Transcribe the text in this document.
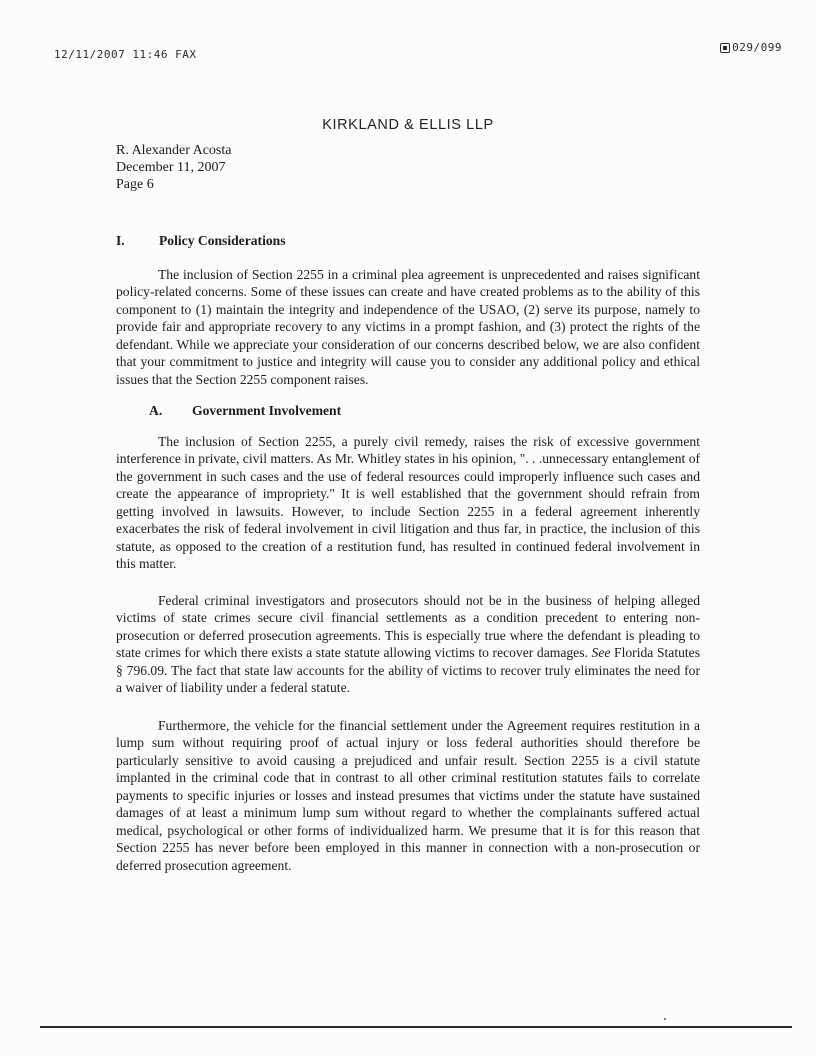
12/11/2007 11:46 FAX
029/099
KIRKLAND & ELLIS LLP
R. Alexander Acosta
December 11, 2007
Page 6
I.	Policy Considerations

The inclusion of Section 2255 in a criminal plea agreement is unprecedented and raises significant policy-related concerns. Some of these issues can create and have created problems as to the ability of this component to (1) maintain the integrity and independence of the USAO, (2) serve its purpose, namely to provide fair and appropriate recovery to any victims in a prompt fashion, and (3) protect the rights of the defendant. While we appreciate your consideration of our concerns described below, we are also confident that your commitment to justice and integrity will cause you to consider any additional policy and ethical issues that the Section 2255 component raises.

A.	Government Involvement

The inclusion of Section 2255, a purely civil remedy, raises the risk of excessive government interference in private, civil matters. As Mr. Whitley states in his opinion, ". . .unnecessary entanglement of the government in such cases and the use of federal resources could improperly influence such cases and create the appearance of impropriety." It is well established that the government should refrain from getting involved in lawsuits. However, to include Section 2255 in a federal agreement inherently exacerbates the risk of federal involvement in civil litigation and thus far, in practice, the inclusion of this statute, as opposed to the creation of a restitution fund, has resulted in continued federal involvement in this matter.

Federal criminal investigators and prosecutors should not be in the business of helping alleged victims of state crimes secure civil financial settlements as a condition precedent to entering non-prosecution or deferred prosecution agreements. This is especially true where the defendant is pleading to state crimes for which there exists a state statute allowing victims to recover damages. See Florida Statutes § 796.09. The fact that state law accounts for the ability of victims to recover truly eliminates the need for a waiver of liability under a federal statute.

Furthermore, the vehicle for the financial settlement under the Agreement requires restitution in a lump sum without requiring proof of actual injury or loss federal authorities should therefore be particularly sensitive to avoid causing a prejudiced and unfair result. Section 2255 is a civil statute implanted in the criminal code that in contrast to all other criminal restitution statutes fails to correlate payments to specific injuries or losses and instead presumes that victims under the statute have sustained damages of at least a minimum lump sum without regard to whether the complainants suffered actual medical, psychological or other forms of individualized harm. We presume that it is for this reason that Section 2255 has never before been employed in this manner in connection with a non-prosecution or deferred prosecution agreement.
